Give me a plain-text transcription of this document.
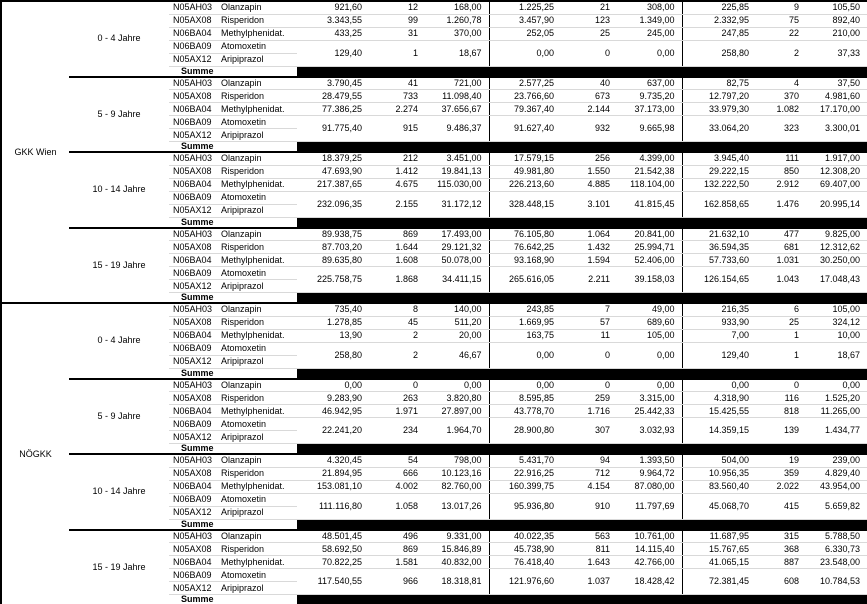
GKK Wien	0 - 4 Jahre	N05AH03	Olanzapin	921,60	12	168,00	1.225,25	21	308,00	225,85	9	105,50
		N05AX08	Risperidon	3.343,55	99	1.260,78	3.457,90	123	1.349,00	2.332,95	75	892,40
		N06BA04	Methylphenidat.	433,25	31	370,00	252,05	25	245,00	247,85	22	210,00
		N06BA09	Atomoxetin	129,40	1	18,67	0,00	0	0,00	258,80	2	37,33
		N05AX12	Aripiprazol									
		Summe										
	5 - 9 Jahre	N05AH03	Olanzapin	3.790,45	41	721,00	2.577,25	40	637,00	82,75	4	37,50
		N05AX08	Risperidon	28.479,55	733	11.098,40	23.766,60	673	9.735,20	12.797,20	370	4.981,60
		N06BA04	Methylphenidat.	77.386,25	2.274	37.656,67	79.367,40	2.144	37.173,00	33.979,30	1.082	17.170,00
		N06BA09	Atomoxetin	91.775,40	915	9.486,37	91.627,40	932	9.665,98	33.064,20	323	3.300,01
		N05AX12	Aripiprazol									
		Summe										
	10 - 14 Jahre	N05AH03	Olanzapin	18.379,25	212	3.451,00	17.579,15	256	4.399,00	3.945,40	111	1.917,00
		N05AX08	Risperidon	47.693,90	1.412	19.841,13	49.981,80	1.550	21.542,38	29.222,15	850	12.308,20
		N06BA04	Methylphenidat.	217.387,65	4.675	115.030,00	226.213,60	4.885	118.104,00	132.222,50	2.912	69.407,00
		N06BA09	Atomoxetin	232.096,35	2.155	31.172,12	328.448,15	3.101	41.815,45	162.858,65	1.476	20.995,14
		N05AX12	Aripiprazol									
		Summe										
	15 - 19 Jahre	N05AH03	Olanzapin	89.938,75	869	17.493,00	76.105,80	1.064	20.841,00	21.632,10	477	9.825,00
		N05AX08	Risperidon	87.703,20	1.644	29.121,32	76.642,25	1.432	25.994,71	36.594,35	681	12.312,62
		N06BA04	Methylphenidat.	89.635,80	1.608	50.078,00	93.168,90	1.594	52.406,00	57.733,60	1.031	30.250,00
		N06BA09	Atomoxetin	225.758,75	1.868	34.411,15	265.616,05	2.211	39.158,03	126.154,65	1.043	17.048,43
		N05AX12	Aripiprazol									
		Summe										
NÖGKK	0 - 4 Jahre	N05AH03	Olanzapin	735,40	8	140,00	243,85	7	49,00	216,35	6	105,00
		N05AX08	Risperidon	1.278,85	45	511,20	1.669,95	57	689,60	933,90	25	324,12
		N06BA04	Methylphenidat.	13,90	2	20,00	163,75	11	105,00	7,00	1	10,00
		N06BA09	Atomoxetin	258,80	2	46,67	0,00	0	0,00	129,40	1	18,67
		N05AX12	Aripiprazol									
		Summe										
	5 - 9 Jahre	N05AH03	Olanzapin	0,00	0	0,00	0,00	0	0,00	0,00	0	0,00
		N05AX08	Risperidon	9.283,90	263	3.820,80	8.595,85	259	3.315,00	4.318,90	116	1.525,20
		N06BA04	Methylphenidat.	46.942,95	1.971	27.897,00	43.778,70	1.716	25.442,33	15.425,55	818	11.265,00
		N06BA09	Atomoxetin	22.241,20	234	1.964,70	28.900,80	307	3.032,93	14.359,15	139	1.434,77
		N05AX12	Aripiprazol									
		Summe										
	10 - 14 Jahre	N05AH03	Olanzapin	4.320,45	54	798,00	5.431,70	94	1.393,50	504,00	19	239,00
		N05AX08	Risperidon	21.894,95	666	10.123,16	22.916,25	712	9.964,72	10.956,35	359	4.829,40
		N06BA04	Methylphenidat.	153.081,10	4.002	82.760,00	160.399,75	4.154	87.080,00	83.560,40	2.022	43.954,00
		N06BA09	Atomoxetin	111.116,80	1.058	13.017,26	95.936,80	910	11.797,69	45.068,70	415	5.659,82
		N05AX12	Aripiprazol									
		Summe										
	15 - 19 Jahre	N05AH03	Olanzapin	48.501,45	496	9.331,00	40.022,35	563	10.761,00	11.687,95	315	5.788,50
		N05AX08	Risperidon	58.692,50	869	15.846,89	45.738,90	811	14.115,40	15.767,65	368	6.330,73
		N06BA04	Methylphenidat.	70.822,25	1.581	40.832,00	76.418,40	1.643	42.766,00	41.065,15	887	23.548,00
		N06BA09	Atomoxetin	117.540,55	966	18.318,81	121.976,60	1.037	18.428,42	72.381,45	608	10.784,53
		N05AX12	Aripiprazol									
		Summe										
